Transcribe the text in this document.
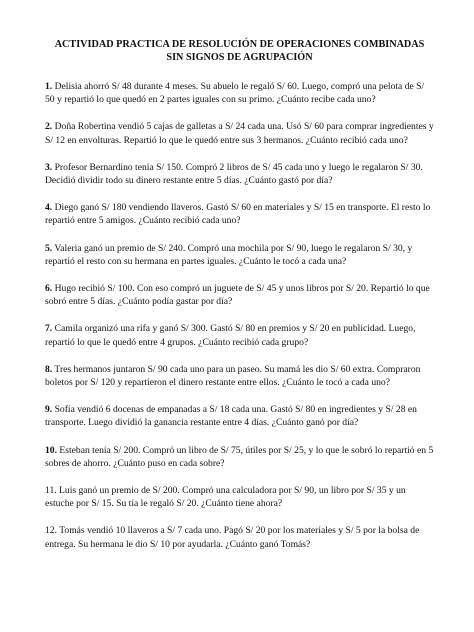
ACTIVIDAD PRACTICA DE RESOLUCIÓN DE OPERACIONES COMBINADAS SIN SIGNOS DE AGRUPACIÓN
1. Delisia ahorró S/ 48 durante 4 meses. Su abuelo le regaló S/ 60. Luego, compró una pelota de S/ 50 y repartió lo que quedó en 2 partes iguales con su primo. ¿Cuánto recibe cada uno?
2. Doña Robertina vendió 5 cajas de galletas a S/ 24 cada una. Usó S/ 60 para comprar ingredientes y S/ 12 en envolturas. Repartió lo que le quedó entre sus 3 hermanos. ¿Cuánto recibió cada uno?
3. Profesor Bernardino tenía S/ 150. Compró 2 libros de S/ 45 cada uno y luego le regalaron S/ 30. Decidió dividir todo su dinero restante entre 5 días. ¿Cuánto gastó por día?
4. Diego ganó S/ 180 vendiendo llaveros. Gastó S/ 60 en materiales y S/ 15 en transporte. El resto lo repartió entre 5 amigos. ¿Cuánto recibió cada uno?
5. Valeria ganó un premio de S/ 240. Compró una mochila por S/ 90, luego le regalaron S/ 30, y repartió el resto con su hermana en partes iguales. ¿Cuánto le tocó a cada una?
6. Hugo recibió S/ 100. Con eso compró un juguete de S/ 45 y unos libros por S/ 20. Repartió lo que sobró entre 5 días. ¿Cuánto podía gastar por día?
7. Camila organizó una rifa y ganó S/ 300. Gastó S/ 80 en premios y S/ 20 en publicidad. Luego, repartió lo que le quedó entre 4 grupos. ¿Cuánto recibió cada grupo?
8. Tres hermanos juntaron S/ 90 cada uno para un paseo. Su mamá les dio S/ 60 extra. Compraron boletos por S/ 120 y repartieron el dinero restante entre ellos. ¿Cuánto le tocó a cada uno?
9. Sofía vendió 6 docenas de empanadas a S/ 18 cada una. Gastó S/ 80 en ingredientes y S/ 28 en transporte. Luego dividió la ganancia restante entre 4 días. ¿Cuánto ganó por día?
10. Esteban tenía S/ 200. Compró un libro de S/ 75, útiles por S/ 25, y lo que le sobró lo repartió en 5 sobres de ahorro. ¿Cuánto puso en cada sobre?
11. Luis ganó un premio de S/ 200. Compró una calculadora por S/ 90, un libro por S/ 35 y un estuche por S/ 15. Su tía le regaló S/ 20. ¿Cuánto tiene ahora?
12. Tomás vendió 10 llaveros a S/ 7 cada uno. Pagó S/ 20 por los materiales y S/ 5 por la bolsa de entrega. Su hermana le dio S/ 10 por ayudarla. ¿Cuánto ganó Tomás?
